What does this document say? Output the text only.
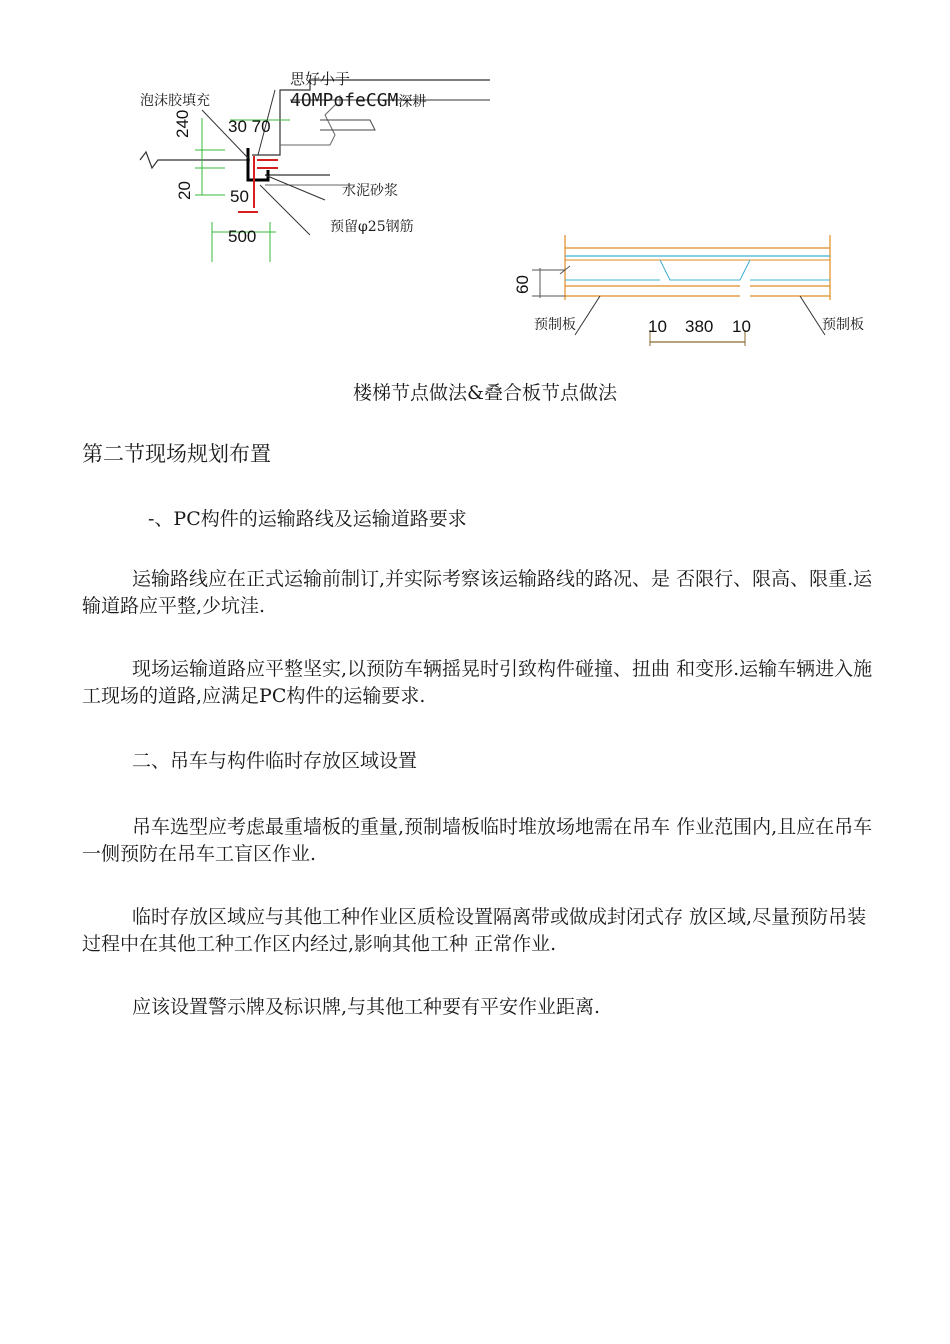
思好小于
4OMPofeCGM深耕
泡沫胶填充
水泥砂浆
预留φ25钢筋
240
20
30 70
50
500
60
10 380 10
预制板	预制板
楼梯节点做法&叠合板节点做法
第二节现场规划布置
-、PC构件的运输路线及运输道路要求

运输路线应在正式运输前制订,并实际考察该运输路线的路况、是 否限行、限高、限重.运输道路应平整,少坑洼.

现场运输道路应平整坚实,以预防车辆摇晃时引致构件碰撞、扭曲 和变形.运输车辆进入施工现场的道路,应满足PC构件的运输要求.

二、吊车与构件临时存放区域设置

吊车选型应考虑最重墙板的重量,预制墙板临时堆放场地需在吊车 作业范围内,且应在吊车一侧预防在吊车工盲区作业.

临时存放区域应与其他工种作业区质检设置隔离带或做成封闭式存 放区域,尽量预防吊装过程中在其他工种工作区内经过,影响其他工种 正常作业.

应该设置警示牌及标识牌,与其他工种要有平安作业距离.
